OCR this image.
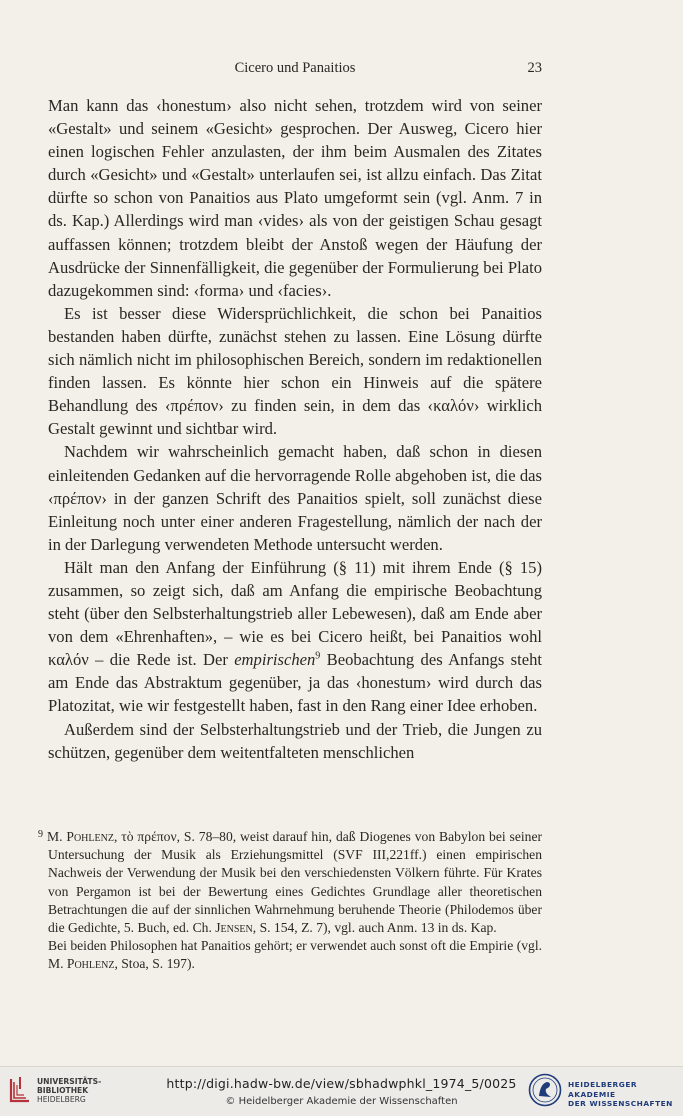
Cicero und Panaitios	23

Man kann das ‹honestum› also nicht sehen, trotzdem wird von seiner «Gestalt» und seinem «Gesicht» gesprochen. Der Ausweg, Cicero hier einen logischen Fehler anzulasten, der ihm beim Ausmalen des Zitates durch «Gesicht» und «Gestalt» unterlaufen sei, ist allzu einfach. Das Zitat dürfte so schon von Panaitios aus Plato umgeformt sein (vgl. Anm. 7 in ds. Kap.) Allerdings wird man ‹vides› als von der geistigen Schau gesagt auffassen können; trotzdem bleibt der Anstoß wegen der Häufung der Ausdrücke der Sinnenfälligkeit, die gegenüber der Formulierung bei Plato dazugekommen sind: ‹forma› und ‹facies›.

Es ist besser diese Widersprüchlichkeit, die schon bei Panaitios bestanden haben dürfte, zunächst stehen zu lassen. Eine Lösung dürfte sich nämlich nicht im philosophischen Bereich, sondern im redaktionellen finden lassen. Es könnte hier schon ein Hinweis auf die spätere Behandlung des ‹πρέπον› zu finden sein, in dem das ‹καλόν› wirklich Gestalt gewinnt und sichtbar wird.

Nachdem wir wahrscheinlich gemacht haben, daß schon in diesen einleitenden Gedanken auf die hervorragende Rolle abgehoben ist, die das ‹πρέπον› in der ganzen Schrift des Panaitios spielt, soll zunächst diese Einleitung noch unter einer anderen Fragestellung, nämlich der nach der in der Darlegung verwendeten Methode untersucht werden.

Hält man den Anfang der Einführung (§ 11) mit ihrem Ende (§ 15) zusammen, so zeigt sich, daß am Anfang die empirische Beobachtung steht (über den Selbsterhaltungstrieb aller Lebewesen), daß am Ende aber von dem «Ehrenhaften», – wie es bei Cicero heißt, bei Panaitios wohl καλόν – die Rede ist. Der empirischen$^9$ Beobachtung des Anfangs steht am Ende das Abstraktum gegenüber, ja das ‹honestum› wird durch das Platozitat, wie wir festgestellt haben, fast in den Rang einer Idee erhoben.

Außerdem sind der Selbsterhaltungstrieb und der Trieb, die Jungen zu schützen, gegenüber dem weitentfalteten menschlichen

$^9$ M. Pohlenz, τὸ πρέπον, S. 78–80, weist darauf hin, daß Diogenes von Babylon bei seiner Untersuchung der Musik als Erziehungsmittel (SVF III,221ff.) einen empirischen Nachweis der Verwendung der Musik bei den verschiedensten Völkern führte. Für Krates von Pergamon ist bei der Bewertung eines Gedichtes Grundlage aller theoretischen Betrachtungen die auf der sinnlichen Wahrnehmung beruhende Theorie (Philodemos über die Gedichte, 5. Buch, ed. Ch. Jensen, S. 154, Z. 7), vgl. auch Anm. 13 in ds. Kap.

Bei beiden Philosophen hat Panaitios gehört; er verwendet auch sonst oft die Empirie (vgl. M. Pohlenz, Stoa, S. 197).

UNIVERSITÄTS-
BIBLIOTHEK
HEIDELBERG
http://digi.hadw-bw.de/view/sbhadwphkl_1974_5/0025
© Heidelberger Akademie der Wissenschaften
HEIDELBERGER AKADEMIE
DER WISSENSCHAFTEN
